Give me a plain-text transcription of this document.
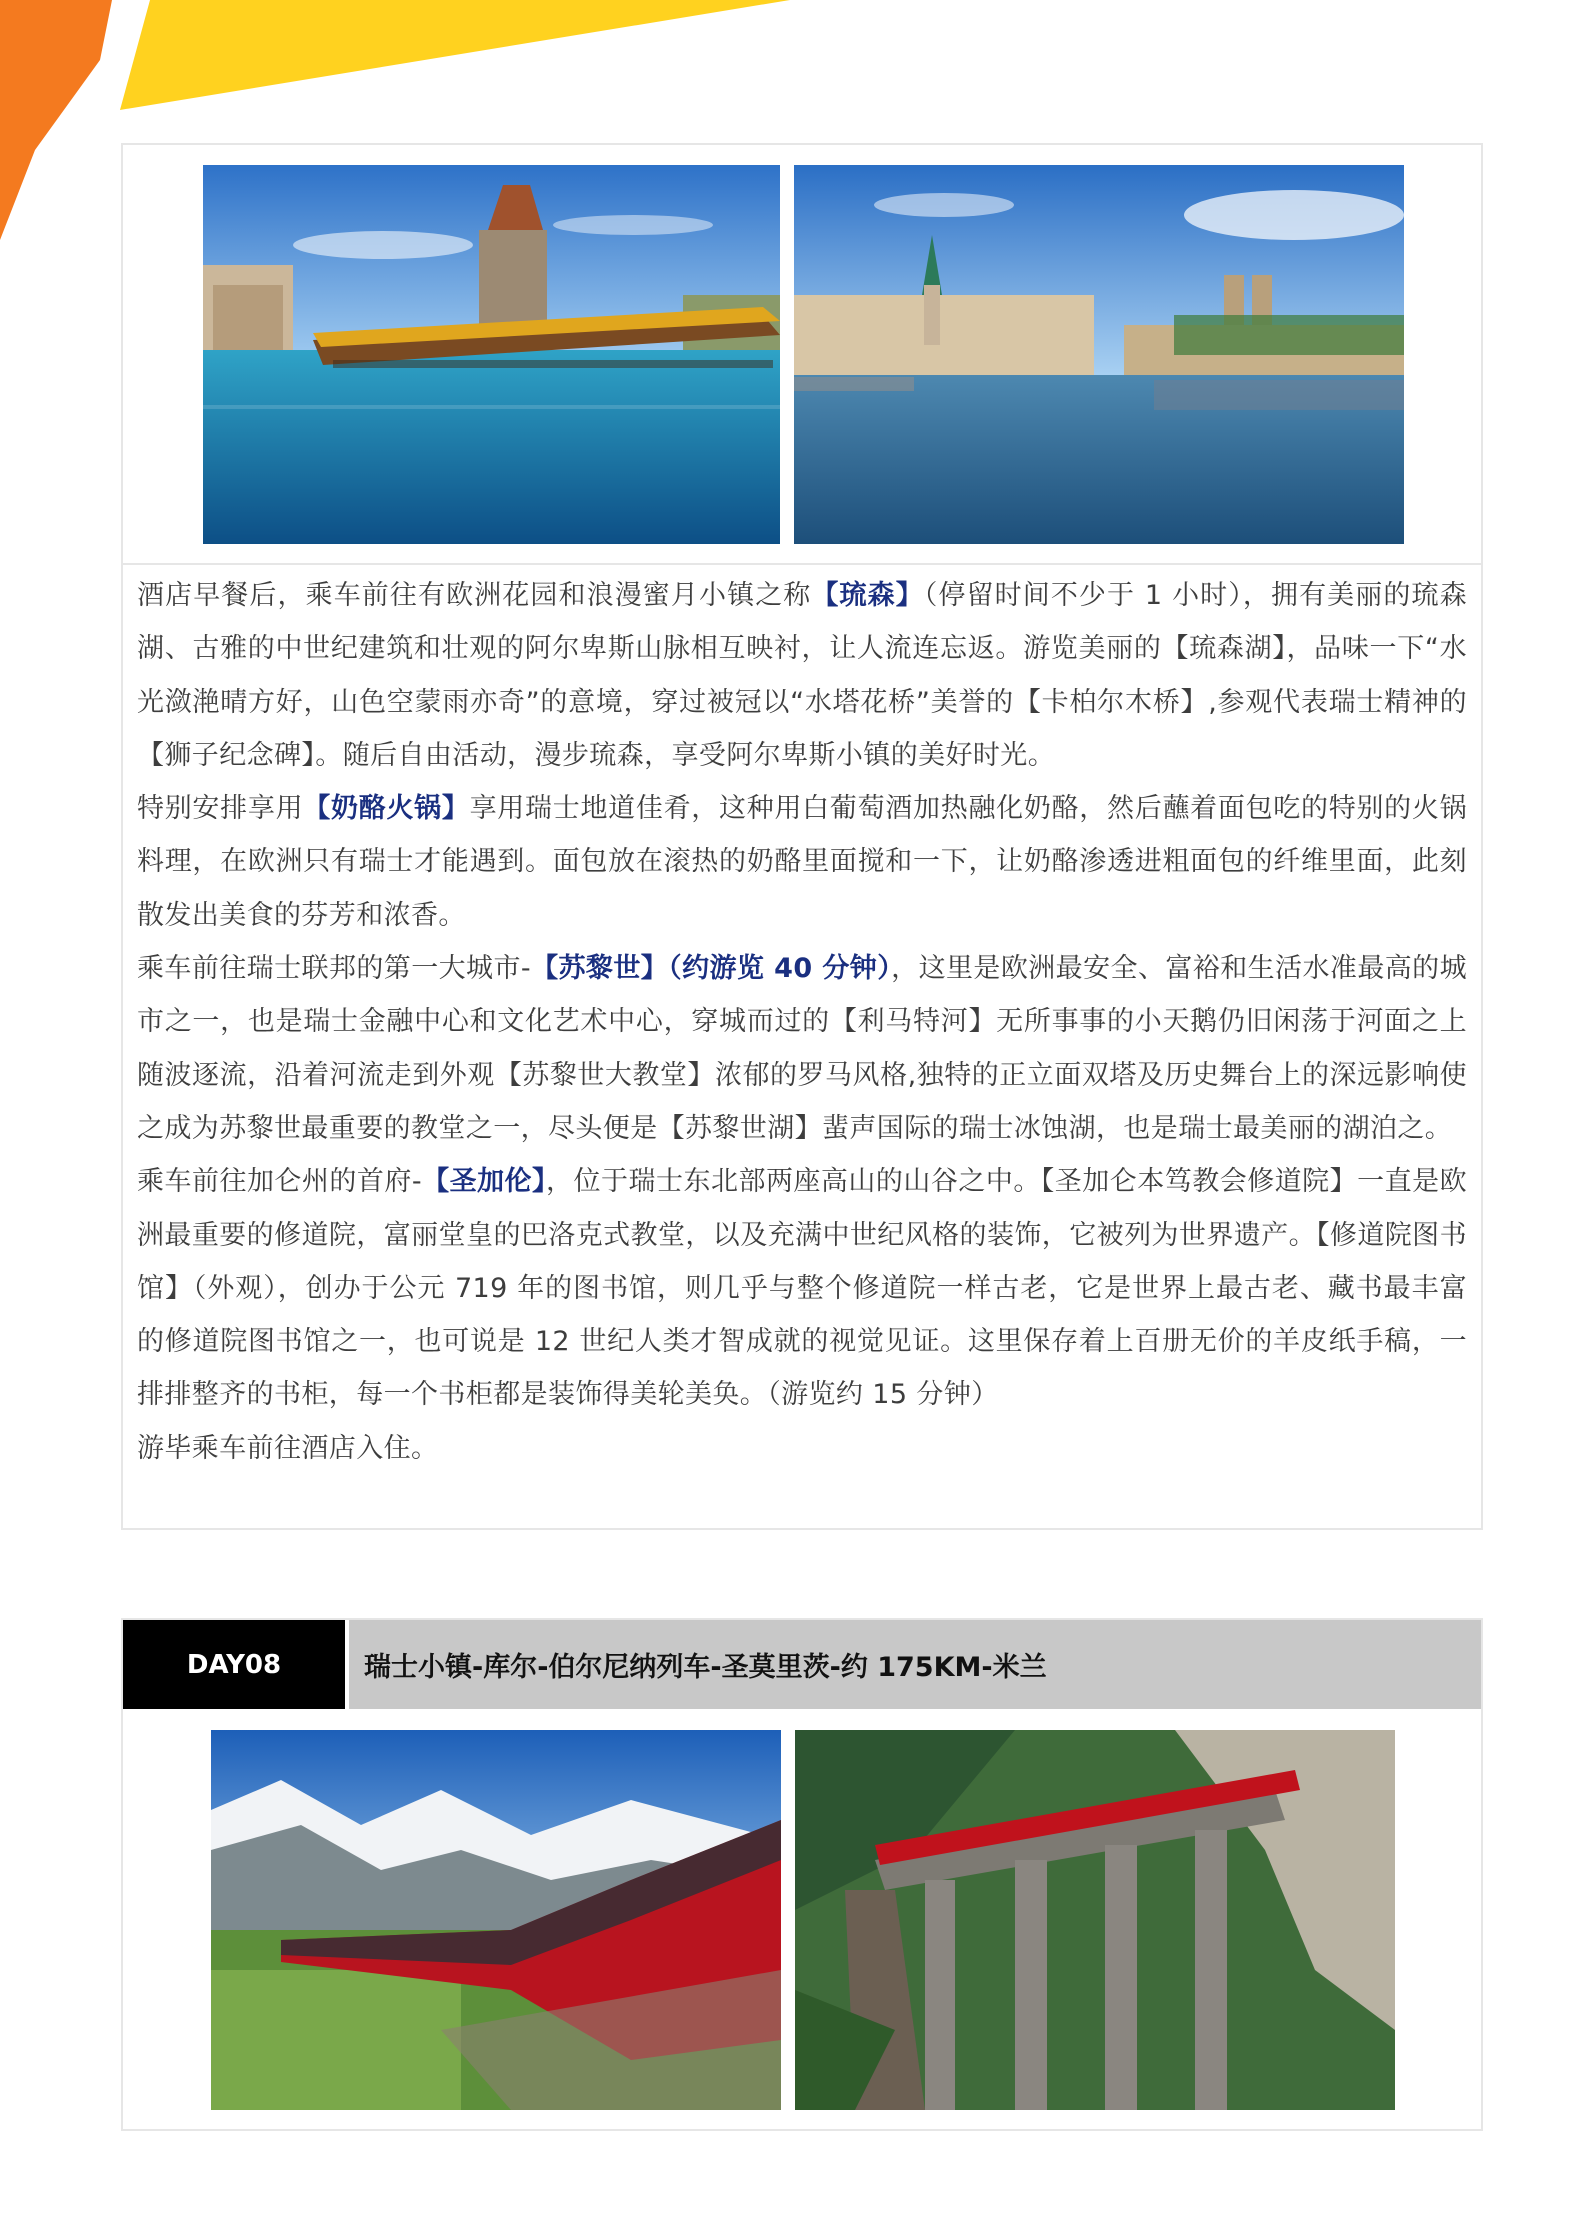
酒店早餐后，乘车前往有欧洲花园和浪漫蜜月小镇之称【琉森】（停留时间不少于 1 小时），拥有美丽的琉森湖、古雅的中世纪建筑和壮观的阿尔卑斯山脉相互映衬，让人流连忘返。游览美丽的【琉森湖】，品味一下“水光潋滟晴方好，山色空蒙雨亦奇”的意境，穿过被冠以“水塔花桥”美誉的【卡柏尔木桥】,参观代表瑞士精神的【狮子纪念碑】。随后自由活动，漫步琉森，享受阿尔卑斯小镇的美好时光。

特别安排享用【奶酪火锅】享用瑞士地道佳肴，这种用白葡萄酒加热融化奶酪，然后蘸着面包吃的特别的火锅料理，在欧洲只有瑞士才能遇到。面包放在滚热的奶酪里面搅和一下，让奶酪渗透进粗面包的纤维里面，此刻散发出美食的芬芳和浓香。

乘车前往瑞士联邦的第一大城市-【苏黎世】（约游览 40 分钟），这里是欧洲最安全、富裕和生活水准最高的城市之一，也是瑞士金融中心和文化艺术中心，穿城而过的【利马特河】无所事事的小天鹅仍旧闲荡于河面之上随波逐流，沿着河流走到外观【苏黎世大教堂】浓郁的罗马风格,独特的正立面双塔及历史舞台上的深远影响使之成为苏黎世最重要的教堂之一，尽头便是【苏黎世湖】蜚声国际的瑞士冰蚀湖，也是瑞士最美丽的湖泊之。

乘车前往加仑州的首府-【圣加伦】，位于瑞士东北部两座高山的山谷之中。【圣加仑本笃教会修道院】一直是欧洲最重要的修道院，富丽堂皇的巴洛克式教堂，以及充满中世纪风格的装饰，它被列为世界遗产。【修道院图书馆】（外观），创办于公元 719 年的图书馆，则几乎与整个修道院一样古老，它是世界上最古老、藏书最丰富的修道院图书馆之一，也可说是 12 世纪人类才智成就的视觉见证。这里保存着上百册无价的羊皮纸手稿，一排排整齐的书柜，每一个书柜都是装饰得美轮美奂。（游览约 15 分钟）

游毕乘车前往酒店入住。

DAY08	瑞士小镇-库尔-伯尔尼纳列车-圣莫里茨-约 175KM-米兰
